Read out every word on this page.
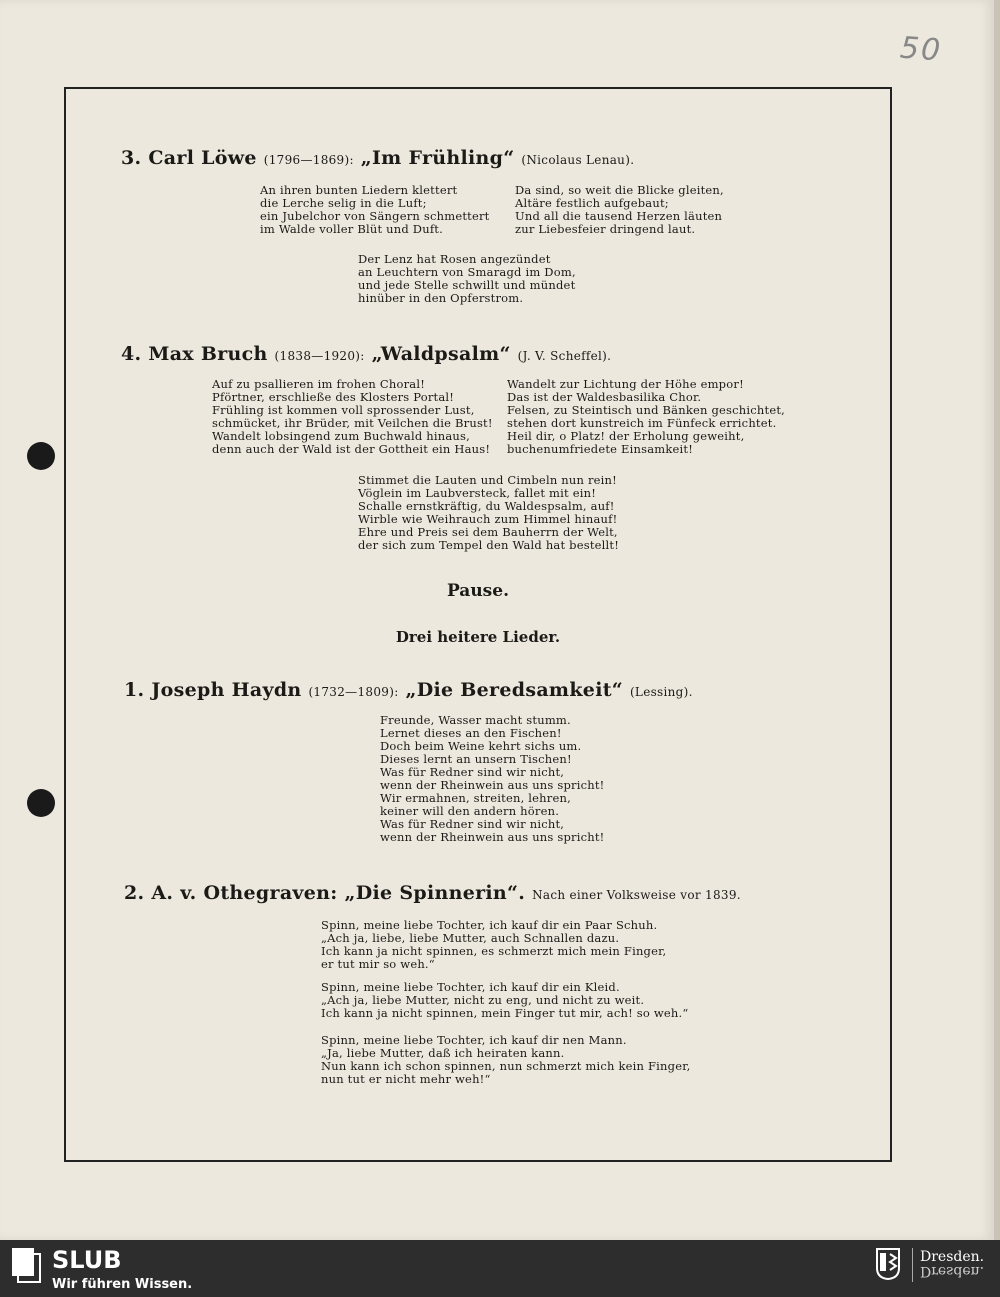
50
3. Carl Löwe (1796—1869): „Im Frühling“ (Nicolaus Lenau).
An ihren bunten Liedern klettert
die Lerche selig in die Luft;
ein Jubelchor von Sängern schmettert
im Walde voller Blüt und Duft.
Da sind, so weit die Blicke gleiten,
Altäre festlich aufgebaut;
Und all die tausend Herzen läuten
zur Liebesfeier dringend laut.
Der Lenz hat Rosen angezündet
an Leuchtern von Smaragd im Dom,
und jede Stelle schwillt und mündet
hinüber in den Opferstrom.
4. Max Bruch (1838—1920): „Waldpsalm“ (J. V. Scheffel).
Auf zu psallieren im frohen Choral!
Pförtner, erschließe des Klosters Portal!
Frühling ist kommen voll sprossender Lust,
schmücket, ihr Brüder, mit Veilchen die Brust!
Wandelt lobsingend zum Buchwald hinaus,
denn auch der Wald ist der Gottheit ein Haus!
Wandelt zur Lichtung der Höhe empor!
Das ist der Waldesbasilika Chor.
Felsen, zu Steintisch und Bänken geschichtet,
stehen dort kunstreich im Fünfeck errichtet.
Heil dir, o Platz! der Erholung geweiht,
buchenumfriedete Einsamkeit!
Stimmet die Lauten und Cimbeln nun rein!
Vöglein im Laubversteck, fallet mit ein!
Schalle ernstkräftig, du Waldespsalm, auf!
Wirble wie Weihrauch zum Himmel hinauf!
Ehre und Preis sei dem Bauherrn der Welt,
der sich zum Tempel den Wald hat bestellt!
Pause.
Drei heitere Lieder.
1. Joseph Haydn (1732—1809): „Die Beredsamkeit“ (Lessing).
Freunde, Wasser macht stumm.
Lernet dieses an den Fischen!
Doch beim Weine kehrt sichs um.
Dieses lernt an unsern Tischen!
Was für Redner sind wir nicht,
wenn der Rheinwein aus uns spricht!
Wir ermahnen, streiten, lehren,
keiner will den andern hören.
Was für Redner sind wir nicht,
wenn der Rheinwein aus uns spricht!
2. A. v. Othegraven: „Die Spinnerin“. Nach einer Volksweise vor 1839.
Spinn, meine liebe Tochter, ich kauf dir ein Paar Schuh.
„Ach ja, liebe, liebe Mutter, auch Schnallen dazu.
Ich kann ja nicht spinnen, es schmerzt mich mein Finger,
er tut mir so weh.“
Spinn, meine liebe Tochter, ich kauf dir ein Kleid.
„Ach ja, liebe Mutter, nicht zu eng, und nicht zu weit.
Ich kann ja nicht spinnen, mein Finger tut mir, ach! so weh.“
Spinn, meine liebe Tochter, ich kauf dir nen Mann.
„Ja, liebe Mutter, daß ich heiraten kann.
Nun kann ich schon spinnen, nun schmerzt mich kein Finger,
nun tut er nicht mehr weh!“
SLUB
Wir führen Wissen.
Dresden.
Dresden.
